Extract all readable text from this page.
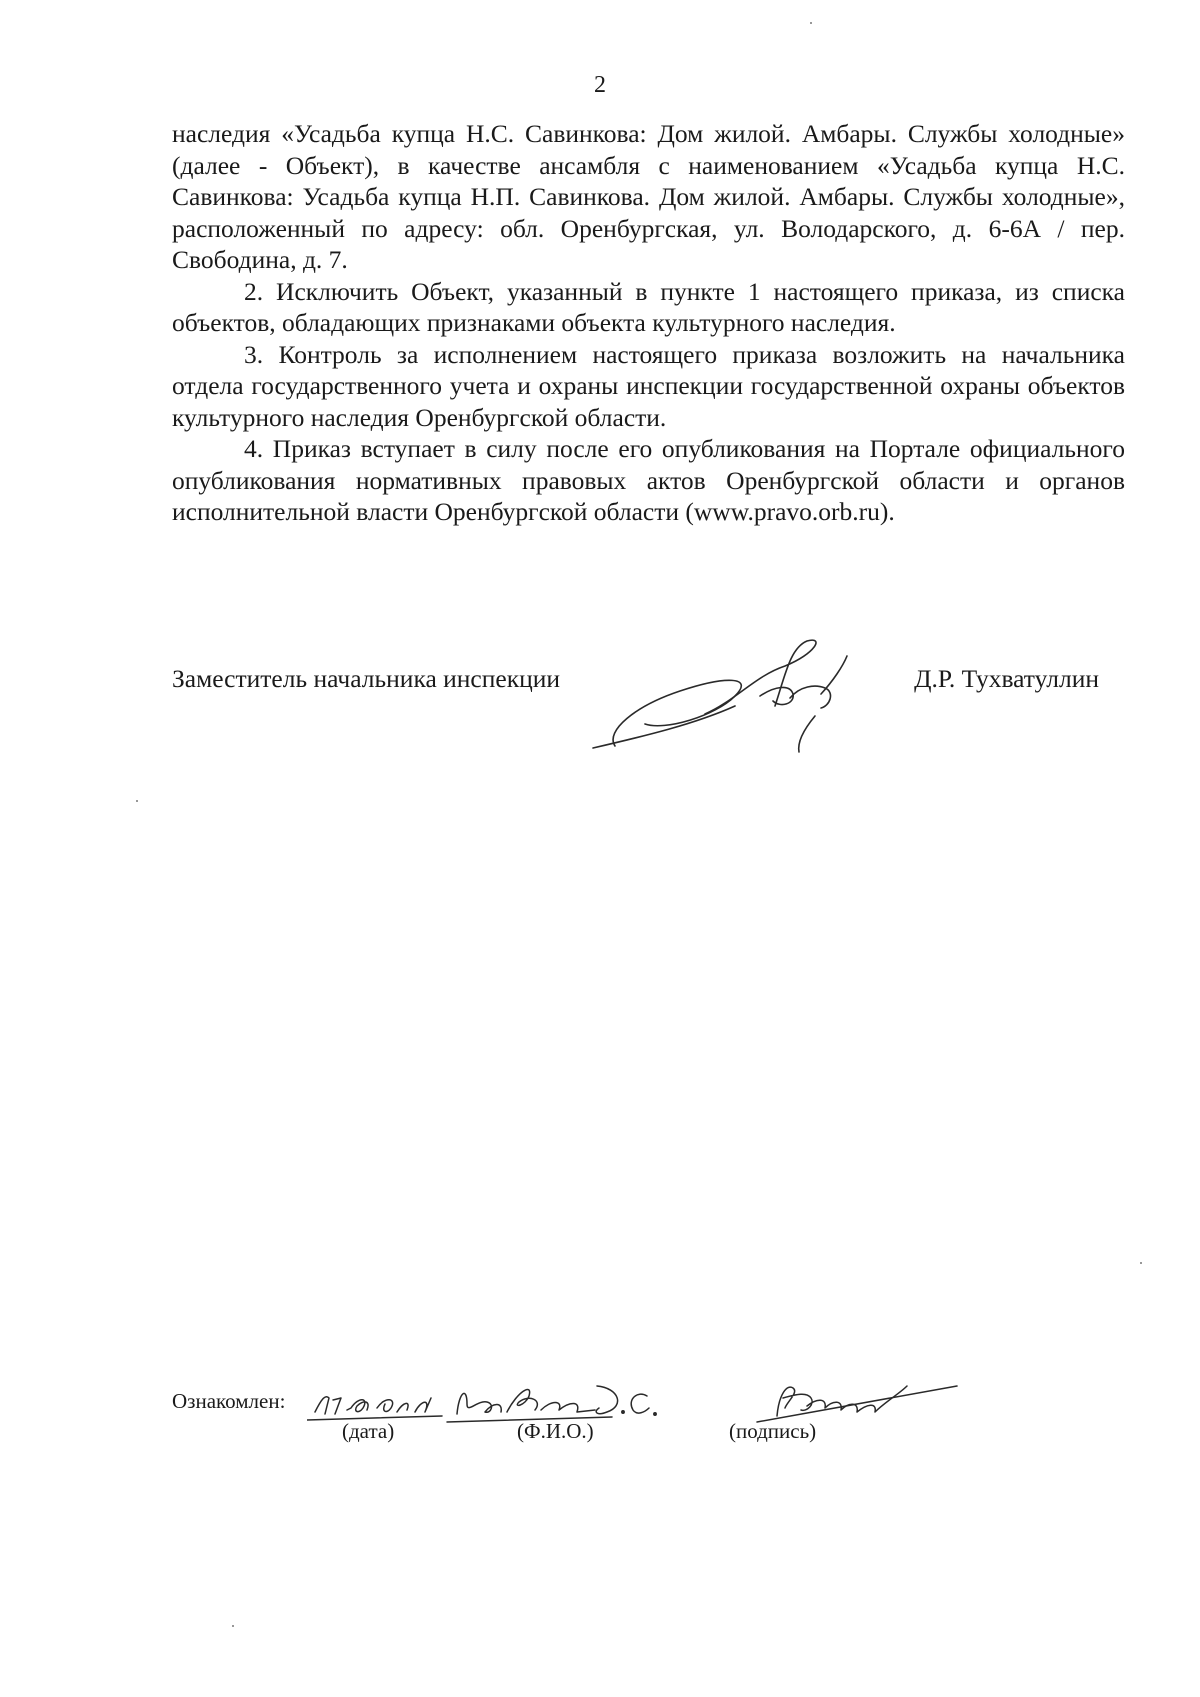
2

наследия «Усадьба купца Н.С. Савинкова: Дом жилой. Амбары. Службы холодные» (далее - Объект), в качестве ансамбля с наименованием «Усадьба купца Н.С. Савинкова: Усадьба купца Н.П. Савинкова. Дом жилой. Амбары. Службы холодные», расположенный по адресу: обл. Оренбургская, ул. Володарского, д. 6-6А / пер. Свободина, д. 7.

2. Исключить Объект, указанный в пункте 1 настоящего приказа, из списка объектов, обладающих признаками объекта культурного наследия.

3. Контроль за исполнением настоящего приказа возложить на начальника отдела государственного учета и охраны инспекции государственной охраны объектов культурного наследия Оренбургской области.

4. Приказ вступает в силу после его опубликования на Портале официального опубликования нормативных правовых актов Оренбургской области и органов исполнительной власти Оренбургской области (www.pravo.orb.ru).

Заместитель начальника инспекции	Д.Р. Тухватуллин
Ознакомлен:
(дата)	(Ф.И.О.)	(подпись)
